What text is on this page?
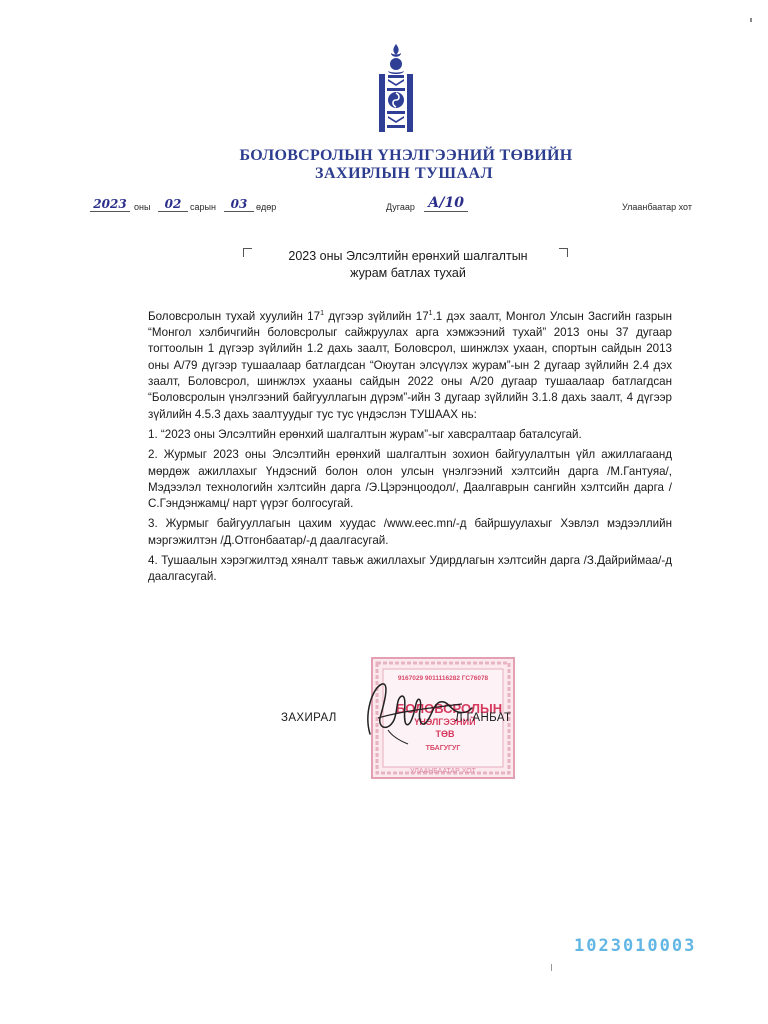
БОЛОВСРОЛЫН ҮНЭЛГЭЭНИЙ ТӨВИЙН
ЗАХИРЛЫН ТУШААЛ
2023 оны	02 сарын	03 өдөр	Дугаар А/10	Улаанбаатар хот
2023 оны Элсэлтийн ерөнхий шалгалтын
журам батлах тухай

Боловсролын тухай хуулийн $17^1$ дүгээр зүйлийн $17^1.1$ дэх заалт, Монгол Улсын Засгийн газрын “Монгол хэлбичгийн боловсролыг сайжруулах арга хэмжээний тухай” 2013 оны 37 дугаар тогтоолын 1 дүгээр зүйлийн 1.2 дахь заалт, Боловсрол, шинжлэх ухаан, спортын сайдын 2013 оны А/79 дүгээр тушаалаар батлагдсан “Оюутан элсүүлэх журам”-ын 2 дугаар зүйлийн 2.4 дэх заалт, Боловсрол, шинжлэх ухааны сайдын 2022 оны А/20 дугаар тушаалаар батлагдсан “Боловсролын үнэлгээний байгууллагын дүрэм”-ийн 3 дугаар зүйлийн 3.1.8 дахь заалт, 4 дүгээр зүйлийн 4.5.3 дахь заалтуудыг тус тус үндэслэн ТУШААХ нь:

1. “2023 оны Элсэлтийн ерөнхий шалгалтын журам”-ыг хавсралтаар баталсугай.

2. Журмыг 2023 оны Элсэлтийн ерөнхий шалгалтын зохион байгуулалтын үйл ажиллагаанд мөрдөж ажиллахыг Үндэсний болон олон улсын үнэлгээний хэлтсийн дарга /М.Гантуяа/, Мэдээлэл технологийн хэлтсийн дарга /Э.Цэрэнцоодол/, Даалгаврын сангийн хэлтсийн дарга /С.Гэндэнжамц/ нарт үүрэг болгосугай.

3. Журмыг байгууллагын цахим хуудас /www.eec.mn/-д байршуулахыг Хэвлэл мэдээллийн мэргэжилтэн /Д.Отгонбаатар/-д даалгасугай.

4. Тушаалын хэрэгжилтэд хяналт тавьж ажиллахыг Удирдлагын хэлтсийн дарга /З.Дайриймаа/-д даалгасугай.

9167029 9011116282 ГС76078
БОЛОВСРОЛЫН
ҮНЭЛГЭЭНИЙ
ТӨВ
ТБАГУГУГ
УЛААНБААТАР ХОТ
ЗАХИРАЛ	Л.ГАНБАТ
1023010003
